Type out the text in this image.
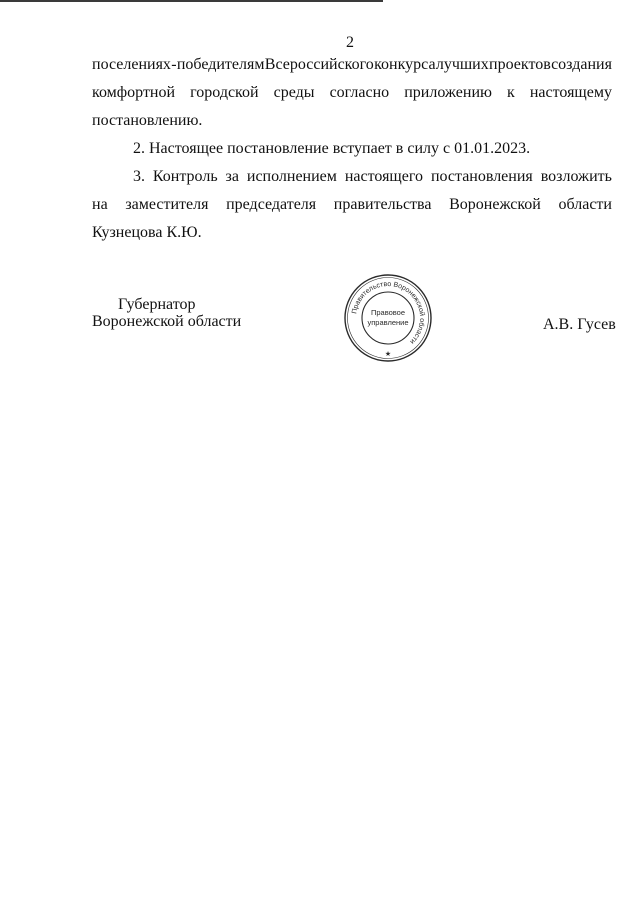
2
поселениях - победителям Всероссийского конкурса лучших проектов создания
комфортной городской среды согласно приложению к настоящему
постановлению.
2. Настоящее постановление вступает в силу с 01.01.2023.
3. Контроль за исполнением настоящего постановления возложить
на заместителя председателя правительства Воронежской области
Кузнецова К.Ю.
Губернатор
Воронежской области	А.В. Гусев
Правительство Воронежской области
Правовое
управление
★
